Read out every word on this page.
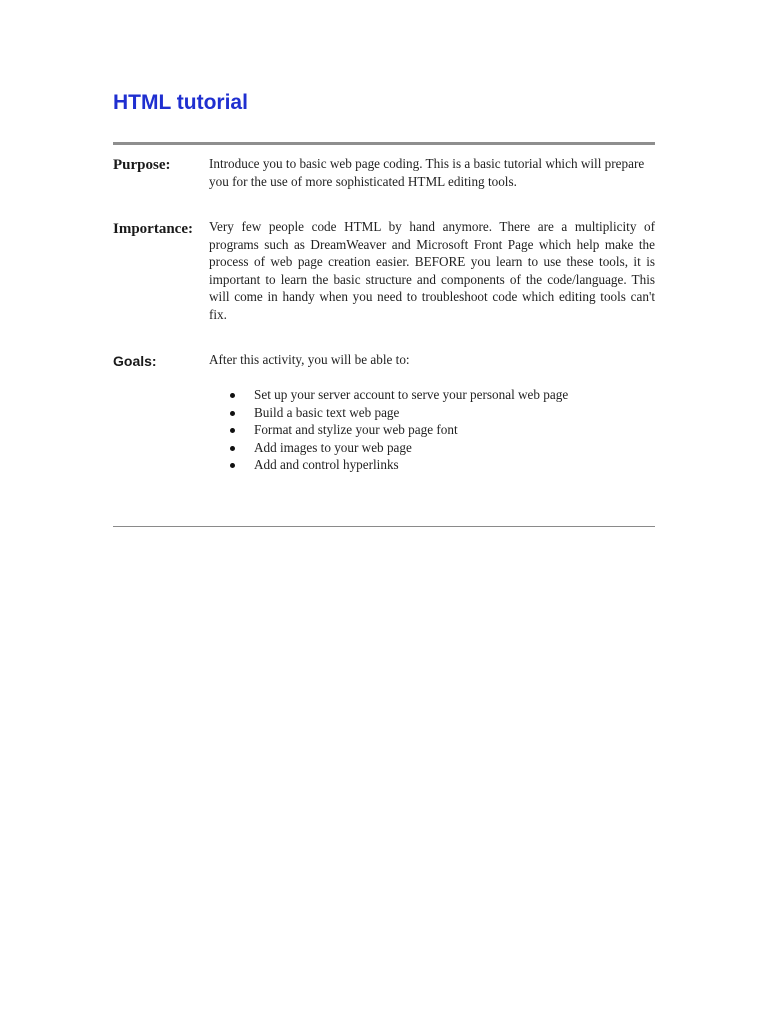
HTML tutorial
Purpose:	Introduce you to basic web page coding. This is a basic tutorial which will prepare you for the use of more sophisticated HTML editing tools.

Importance: Very few people code HTML by hand anymore. There are a multiplicity of programs such as DreamWeaver and Microsoft Front Page which help make the process of web page creation easier. BEFORE you learn to use these tools, it is important to learn the basic structure and components of the code/language. This will come in handy when you need to troubleshoot code which editing tools can't fix.

Goals:	After this activity, you will be able to:

Set up your server account to serve your personal web page
Build a basic text web page
Format and stylize your web page font
Add images to your web page
Add and control hyperlinks
